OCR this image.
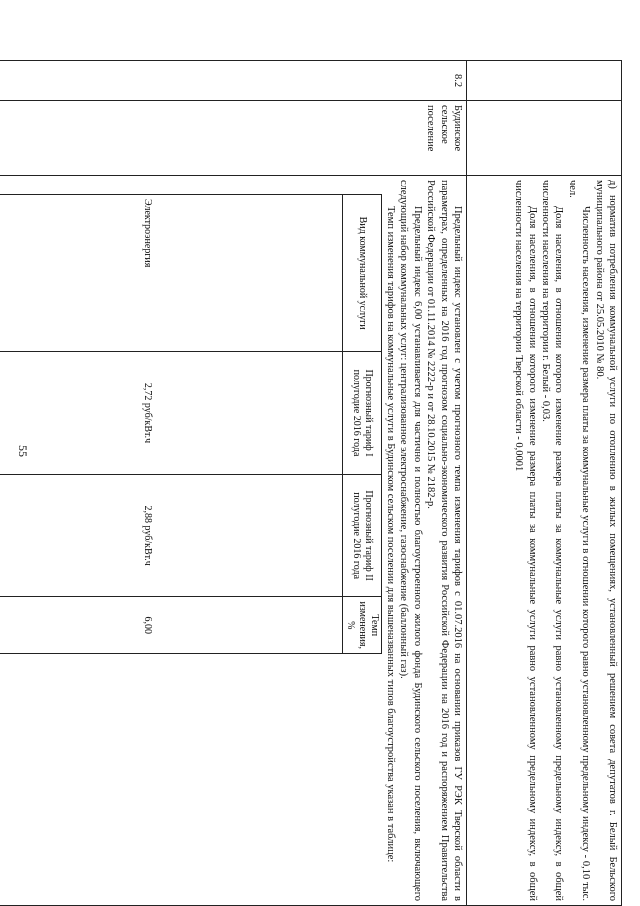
55
			д) норматив потребления коммунальной услуги по отоплению в жилых помещениях, установленный решением совета депутатов г. Белый Бельского муниципального района от 25.05.2010 № 80.

Численность населения, изменение размера платы за коммунальные услуги в отношении которого равно установленному предельному индексу - 0,10 тыс. чел.

Доля населения, в отношении которого изменение размера платы за коммунальные услуги равно установленному предельному индексу, в общей численности населения на территории г. Белый - 0,03.

Доля населения, в отношении которого изменение размера платы за коммунальные услуги равно установленному предельному индексу, в общей численности населения на территории Тверской области - 0,0001

8.2	Будинское сельское поселение	

Предельный индекс установлен с учетом прогнозного темпа изменения тарифов с 01.07.2016 на основании приказов ГУ РЭК Тверской области в параметрах, определенных на 2016 год прогнозом социально-экономического развития Российской Федерации на 2016 год и распоряжением Правительства Российской Федерации от 01.11.2014 № 2222-р и от 28.10.2015 № 2182-р.

Предельный индекс 6,00 устанавливается для частично и полностью благоустроенного жилого фонда Будинского сельского поселения, включающего следующий набор коммунальных услуг: централизованное электроснабжение, газоснабжение (баллонный газ).

Темп изменения тарифов на коммунальные услуги в Будинском сельском поселении для вышеназванных типов благоустройства указан в таблице:

Вид коммунальной услуги	Прогнозный тариф I полугодие 2016 года	Прогнозный тариф II полугодие 2016 года	Темп изменения, %
Электроэнергия	2,72 руб/кВт.ч	2,88 руб/кВт.ч	6,00
